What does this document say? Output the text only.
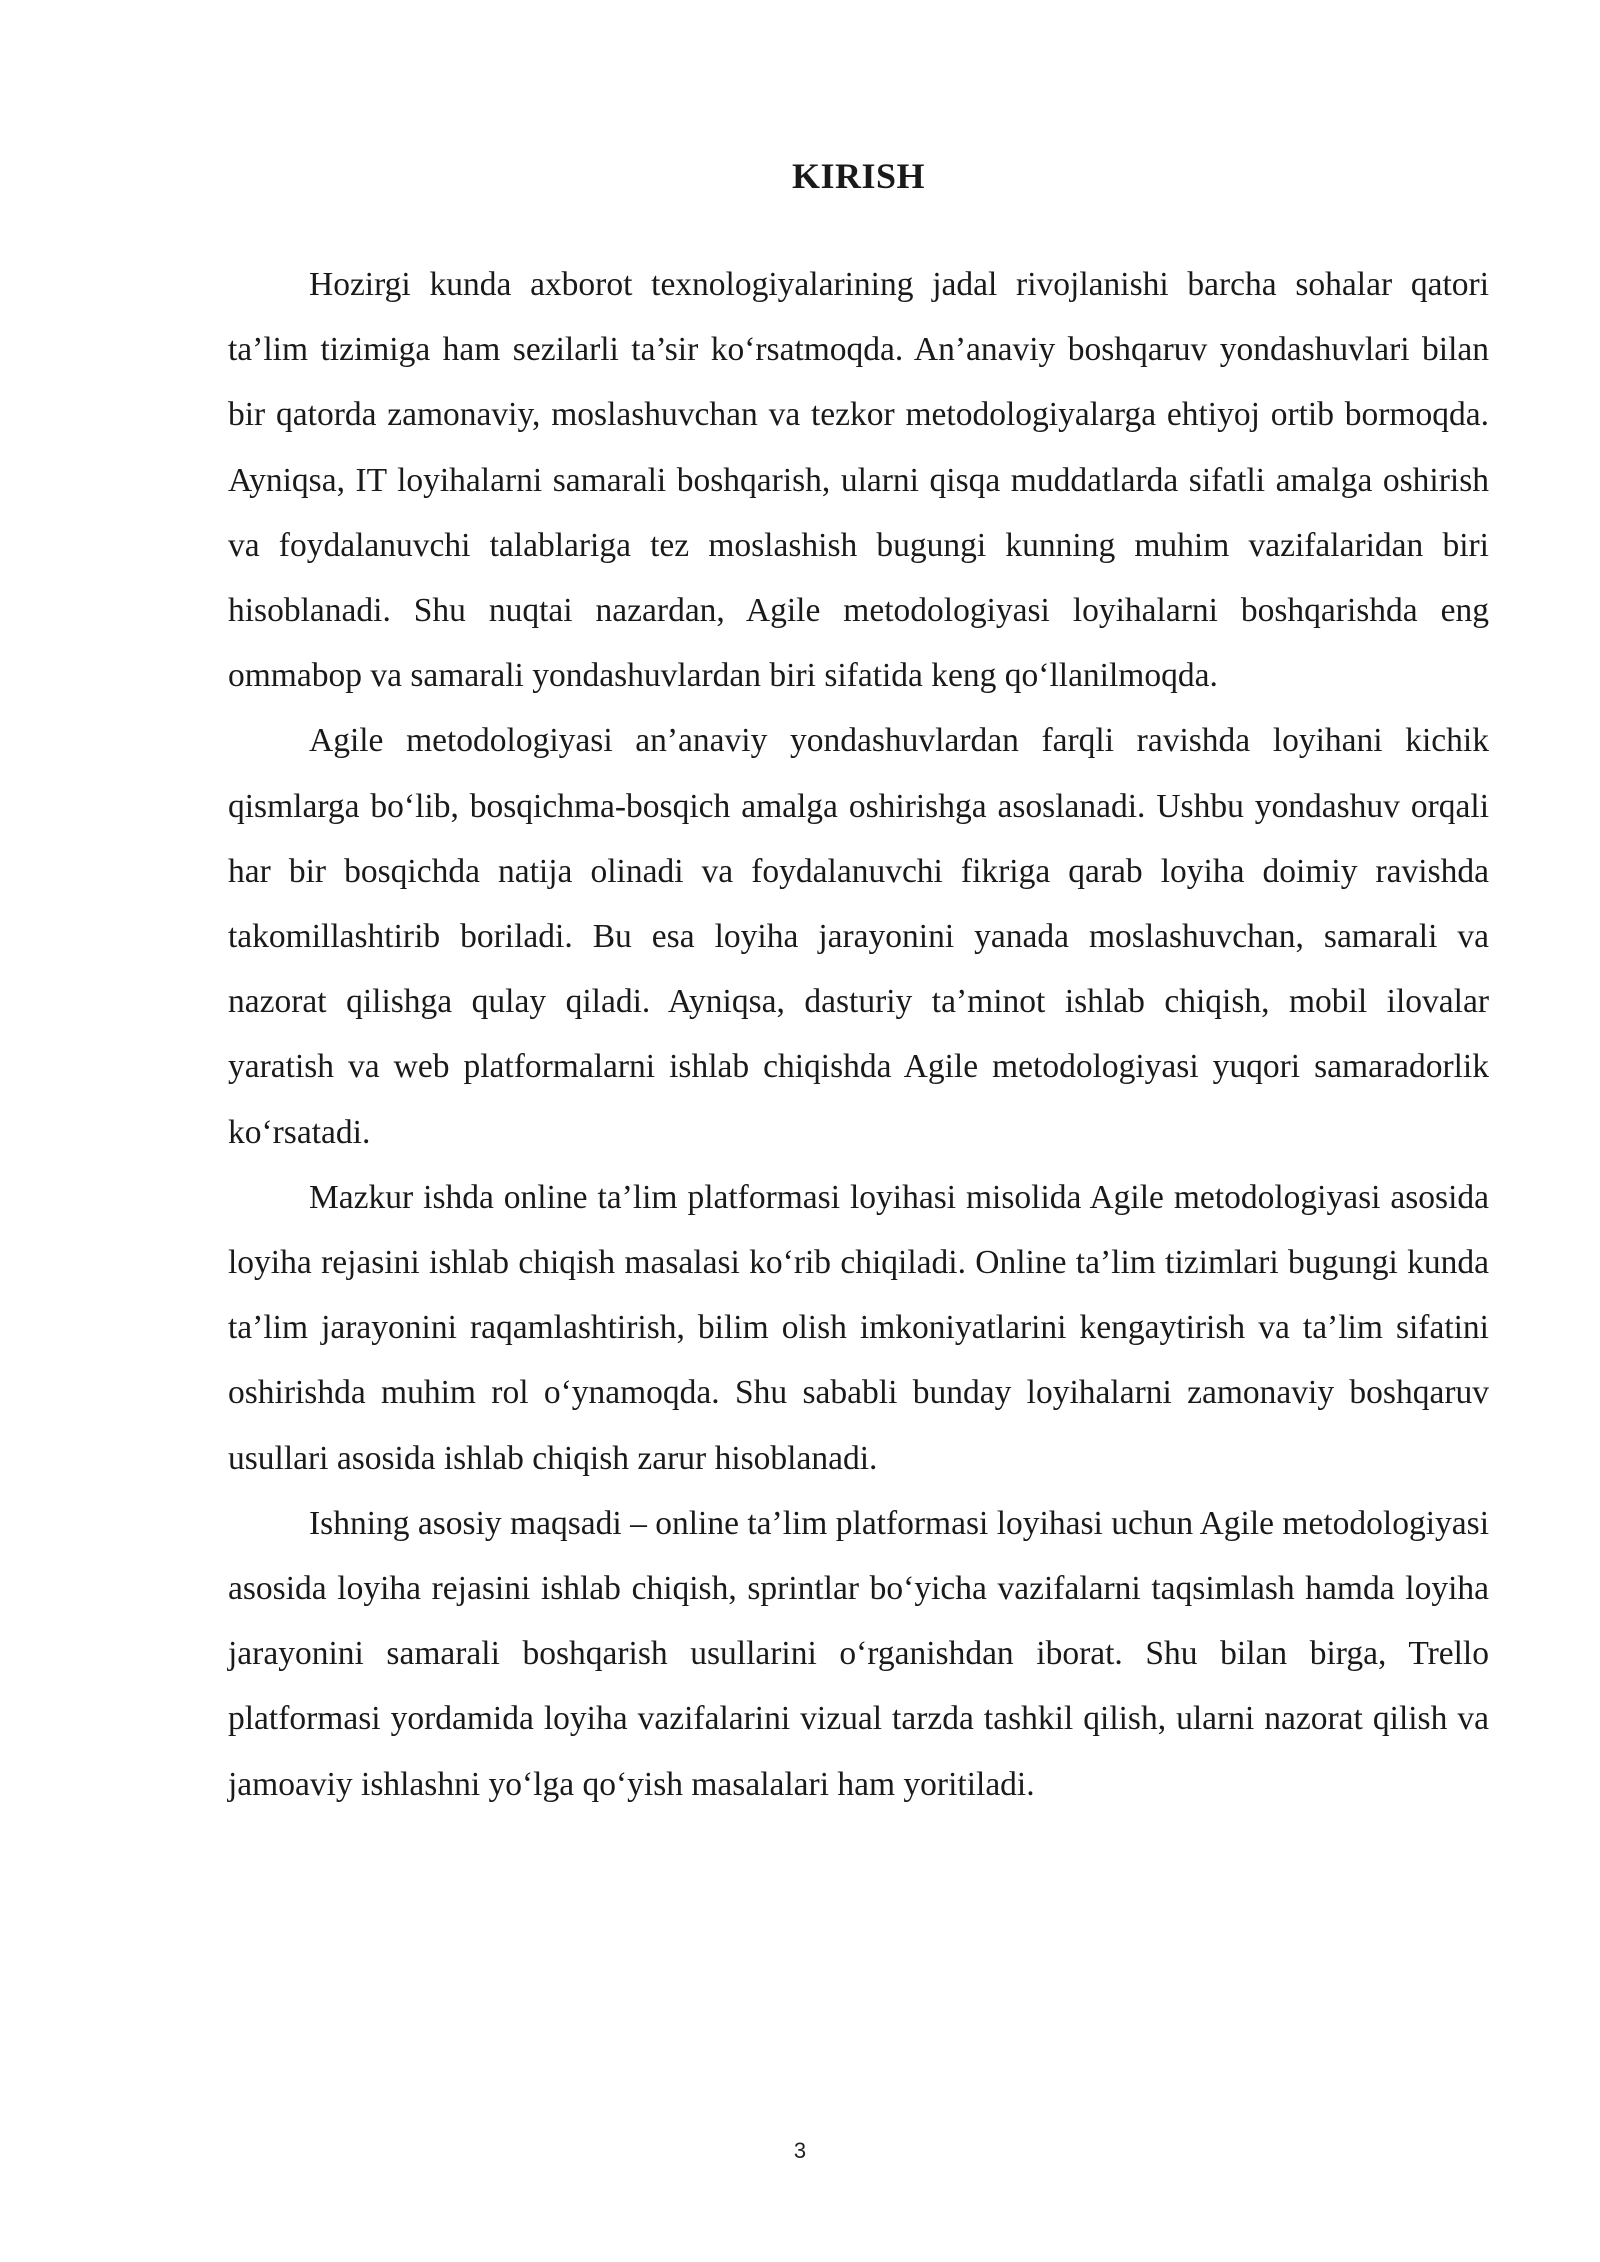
KIRISH

Hozirgi kunda axborot texnologiyalarining jadal rivojlanishi barcha sohalar qatori ta’lim tizimiga ham sezilarli ta’sir ko‘rsatmoqda. An’anaviy boshqaruv yondashuvlari bilan bir qatorda zamonaviy, moslashuvchan va tezkor metodologiyalarga ehtiyoj ortib bormoqda. Ayniqsa, IT loyihalarni samarali boshqarish, ularni qisqa muddatlarda sifatli amalga oshirish va foydalanuvchi talablariga tez moslashish bugungi kunning muhim vazifalaridan biri hisoblanadi. Shu nuqtai nazardan, Agile metodologiyasi loyihalarni boshqarishda eng ommabop va samarali yondashuvlardan biri sifatida keng qo‘llanilmoqda.

Agile metodologiyasi an’anaviy yondashuvlardan farqli ravishda loyihani kichik qismlarga bo‘lib, bosqichma-bosqich amalga oshirishga asoslanadi. Ushbu yondashuv orqali har bir bosqichda natija olinadi va foydalanuvchi fikriga qarab loyiha doimiy ravishda takomillashtirib boriladi. Bu esa loyiha jarayonini yanada moslashuvchan, samarali va nazorat qilishga qulay qiladi. Ayniqsa, dasturiy ta’minot ishlab chiqish, mobil ilovalar yaratish va web platformalarni ishlab chiqishda Agile metodologiyasi yuqori samaradorlik ko‘rsatadi.

Mazkur ishda online ta’lim platformasi loyihasi misolida Agile metodologiyasi asosida loyiha rejasini ishlab chiqish masalasi ko‘rib chiqiladi. Online ta’lim tizimlari bugungi kunda ta’lim jarayonini raqamlashtirish, bilim olish imkoniyatlarini kengaytirish va ta’lim sifatini oshirishda muhim rol o‘ynamoqda. Shu sababli bunday loyihalarni zamonaviy boshqaruv usullari asosida ishlab chiqish zarur hisoblanadi.

Ishning asosiy maqsadi – online ta’lim platformasi loyihasi uchun Agile metodologiyasi asosida loyiha rejasini ishlab chiqish, sprintlar bo‘yicha vazifalarni taqsimlash hamda loyiha jarayonini samarali boshqarish usullarini o‘rganishdan iborat. Shu bilan birga, Trello platformasi yordamida loyiha vazifalarini vizual tarzda tashkil qilish, ularni nazorat qilish va jamoaviy ishlashni yo‘lga qo‘yish masalalari ham yoritiladi.

3
